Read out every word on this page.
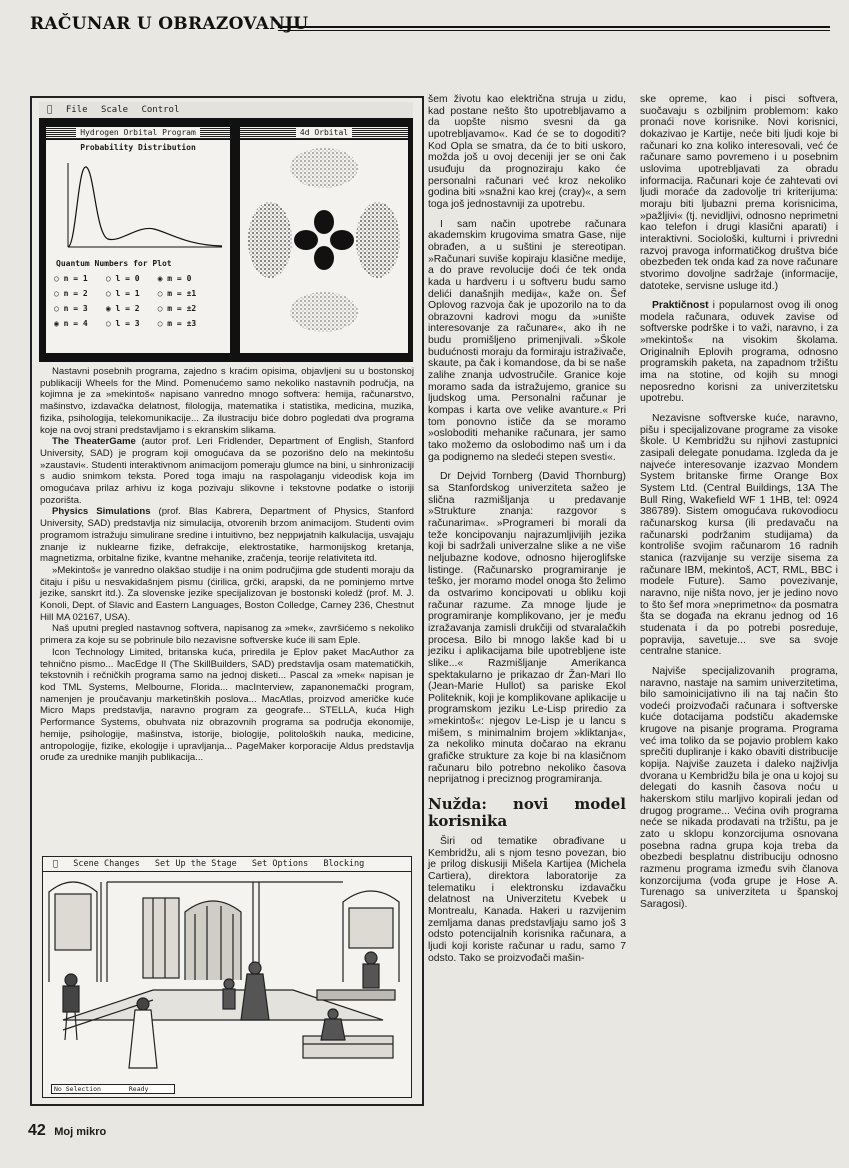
RAČUNAR U OBRAZOVANJU
File Scale Control
Hydrogen Orbital Program
Probability Distribution
Quantum Numbers for Plot
○ n = 1 ○ l = 0 ◉ m = 0
○ n = 2 ○ l = 1 ○ m = ±1
○ n = 3 ◉ l = 2 ○ m = ±2
◉ n = 4 ○ l = 3 ○ m = ±3
4d Orbital

Nastavni posebnih programa, zajedno s kraćim opisima, objavljeni su u bostonskoj publikaciji Wheels for the Mind. Pomenućemo samo nekoliko nastavnih područja, na kojimna je za »mekintoš« napisano vanredno mnogo softvera: hemija, računarstvo, mašinstvo, izdavačka delatnost, filologija, matematika i statistika, medicina, muzika, fizika, psihologija, telekomunikacije... Za ilustraciju biće dobro pogledati dva programa koje na ovoj strani predstavljamo i s ekranskim slikama.

The TheaterGame (autor prof. Leri Fridlender, Department of English, Stanford University, SAD) je program koji omogućava da se pozorišno delo na mekintošu »zaustavi«. Studenti interaktivnom animacijom pomeraju glumce na bini, u sinhronizaciji s audio snimkom teksta. Pored toga imaju na raspolaganju videodisk koja im omogućava prilaz arhivu iz koga pozivaju slikovne i tekstovne podatke o istoriji pozorišta.

Physics Simulations (prof. Blas Kabrera, Department of Physics, Stanford University, SAD) predstavlja niz simulacija, otvorenih brzom animacijom. Studenti ovim programom istražuju simulirane sredine i intuitivno, bez nepријatnih kalkulacija, usvajaju znanje iz nuklearne fizike, defrakcije, elektrostatike, harmoniјskog kretanja, magnetizma, orbitalne fizike, kvantne mehanike, zračenja, teorije relativiteta itd.

»Mekintoš« je vanredno olakšao studije i na onim područjima gde studenti moraju da čitaju i pišu u nesvakidašnjem pismu (ćirilica, grčki, arapski, da ne pominjemo mrtve jezike, sanskrt itd.). Za slovenske jezike specijalizovan je bostonski koledž (prof. M. J. Konoli, Dept. of Slavic and Eastern Languages, Boston Colledge, Carney 236, Chestnut Hill MA 02167, USA).

Naš uputni pregled nastavnog softvera, napisanog za »mek«, završićemo s nekoliko primera za koje su se pobrinule bilo nezavisne softverske kuće ili sam Eple.

Icon Technology Limited, britanska kuća, priredila je Eplov paket MacAuthor za tehnično pismo... MacEdge II (The SkillBuilders, SAD) predstavlja osam matematičkih, tekstovnih i rečničkih programa samo na jednoj disketi... Pascal za »mek« napisan je kod TML Systems, Melbourne, Florida... macInterview, zapanonemački program, namenjen je proučavanju marketinških poslova... MacAtlas, proizvod američke kuće Micro Maps predstavlja, naravno program za geografe... STELLA, kuća High Performance Systems, obuhvata niz obrazovnih programa sa područja ekonomije, hemije, psihologije, mašinstva, istorije, biologije, politoloških nauka, medicine, antropologije, fizike, ekologije i upravljanja... PageMaker korporacije Aldus predstavlja oruđe za urednike manjih publikacija...

Scene Changes Set Up the Stage Set Options Blocking
No Selection	Ready

šem životu kao električna struja u zidu, kad postane nešto što upotrebljavamo a da uopšte nismo svesni da ga upotrebljavamo«. Kad će se to dogoditi? Kod Opla se smatra, da će to biti uskoro, možda još u ovoj deceniji jer se oni čak usuđuju da prognoziraju kako će personalni računari već kroz nekoliko godina biti »snažni kao krej (cray)«, a sem toga još jednostavniji za upotrebu.

I sam način upotrebe računara akademskim krugovima smatra Gase, nije obrađen, a u suštini je stereotipan. »Računari suviše kopiraju klasične medije, a do prave revolucije doći će tek onda kada u hardveru i u softveru budu samo delići današnjih medija«, kaže on. Šef Oplovog razvoja čak je upozorilo na to da obrazovni kadrovi mogu da »unište interesovanje za računare«, ako ih ne budu promišljeno primenjivali. »Škole budućnosti moraju da formiraju istraživače, skaute, pa čak i komandose, da bi se naše zalihe znanja udvostručile. Granice koje moramo sada da istražujemo, granice su ljudskog uma. Personalni računar je kompas i karta ove velike avanture.« Pri tom ponovno ističe da se moramo »osloboditi mehanike računara, jer samo tako možemo da oslobodimo naš um i da ga podignemo na sledeći stepen svesti«.

Dr Dejvid Tornberg (David Thornburg) sa Stanfordskog univerziteta sažeo je slična razmišljanja u predavanje »Strukture znanja: razgovor s računarima«. »Programeri bi morali da teže koncipovanju najrazumljivijih jezika koji bi sadržali univerzalne slike a ne više neljubazne kodove, odnosno hijeroglifske listinge. (Računarsko programiranje je teško, jer moramo model onoga što želimo da ostvarimo koncipovati u obliku koji računar razume. Za mnoge ljude je programiranje komplikovano, jer je među izražavanja zamisli drukčiji od stvaralačkih procesa. Bilo bi mnogo lakše kad bi u jeziku i aplikacijama bile upotrebljene iste slike...« Razmišljanje Amerikanca spektakularno je prikazao dr Žan-Mari Ilo (Jean-Marie Hullot) sa pariske Ekol Politeknik, koji je komplikovane aplikacije u programskom jeziku Le-Lisp priredio za »mekintoš«: njegov Le-Lisp je u lancu s mišem, s minimalnim brojem »kliktanja«, za nekoliko minuta dočarao na ekranu grafičke strukture za koje bi na klasičnom računaru bilo potrebno nekoliko časova neprijatnog i preciznog programiranja.

Nužda: novi model korisnika

Širi od tematike obrađivane u Kembridžu, ali s njom tesno povezan, bio je prilog diskusiji Mišela Kartijea (Michela Cartiera), direktora laboratorije za telematiku i elektronsku izdavačku delatnost na Univerzitetu Kvebek u Montrealu, Kanada. Hakeri u razvijenim zemljama danas predstavljaju samo još 3 odsto potencijalnih korisnika računara, a ljudi koji koriste računar u radu, samo 7 odsto. Tako se proizvođači mašin-

ske opreme, kao i pisci softvera, suočavaju s ozbiljnim problemom: kako pronaći nove korisnike. Novi korisnici, dokazivao je Kartije, neće biti ljudi koje bi računari ko zna koliko interesovali, već će računare samo povremeno i u posebnim uslovima upotrebljavati za obradu informacija. Računari koje će zahtevati ovi ljudi moraće da zadovolje tri kriterijuma: moraju biti ljubazni prema korisnicima, »pažljivi« (tj. nevidljivi, odnosno neprimetni kao telefon i drugi klasični aparati) i interaktivni. Sociološki, kulturni i privredni razvoj pravoga informatičkog društva biće obezbeđen tek onda kad za nove računare stvorimo dovoljne sadržaje (informacije, datoteke, servisne usluge itd.)

Praktičnost i popularnost ovog ili onog modela računara, oduvek zavise od softverske podrške i to važi, naravno, i za »mekintoš« na visokim školama. Originalnih Eplovih programa, odnosno programskih paketa, na zapadnom tržištu ima na stotine, od kojih su mnogi neposredno korisni za univerzitetsku upotrebu.

Nezavisne softverske kuće, naravno, pišu i specijalizovane programe za visoke škole. U Kembridžu su njihovi zastupnici zasipali delegate ponudama. Izgleda da je najveće interesovanje izazvao Mondem System britanske firme Orange Box System Ltd. (Central Buildings, 13A The Bull Ring, Wakefield WF 1 1HB, tel: 0924 386789). Sistem omogućava rukovodiocu računarskog kursa (ili predavaču na računarski podržanim studijama) da kontroliše svojim računarom 16 radnih stanica (razvijanje su verzije sisema za računare IBM, mekintoš, ACT, RML, BBC i modele Future). Samo povezivanje, naravno, nije ništa novo, jer je jedino novo to što šef mora »neprimetno« da posmatra šta se događa na ekranu jednog od 16 studenata i da po potrebi posreduje, popravija, savetuje... sve sa svoje centralne stanice.

Najviše specijalizovanih programa, naravno, nastaje na samim univerzitetima, bilo samoinicijativno ili na taj način što vodeći proizvođači računara i softverske kuće dotaciјama podstiču akademske krugove na pisanje programa. Programa već ima toliko da se pojavio problem kako sprečiti dupliranje i kako obaviti distribucije kopija. Najviše zauzeta i daleko najživlja dvorana u Kembridžu bila je ona u kojoj su delegati do kasnih časova noću u hakerskom stilu marljivo kopirali jedan od drugog programe... Većina ovih programa neće se nikada prodavati na tržištu, pa je zato u sklopu konzorcijuma osnovana posebna radna grupa koja treba da obezbedi besplatnu distribuciju odnosno razmenu programa između svih članova konzorcijuma (vođa grupe je Hose A. Turenago sa univerziteta u španskoj Saragosi).

42 Moj mikro
